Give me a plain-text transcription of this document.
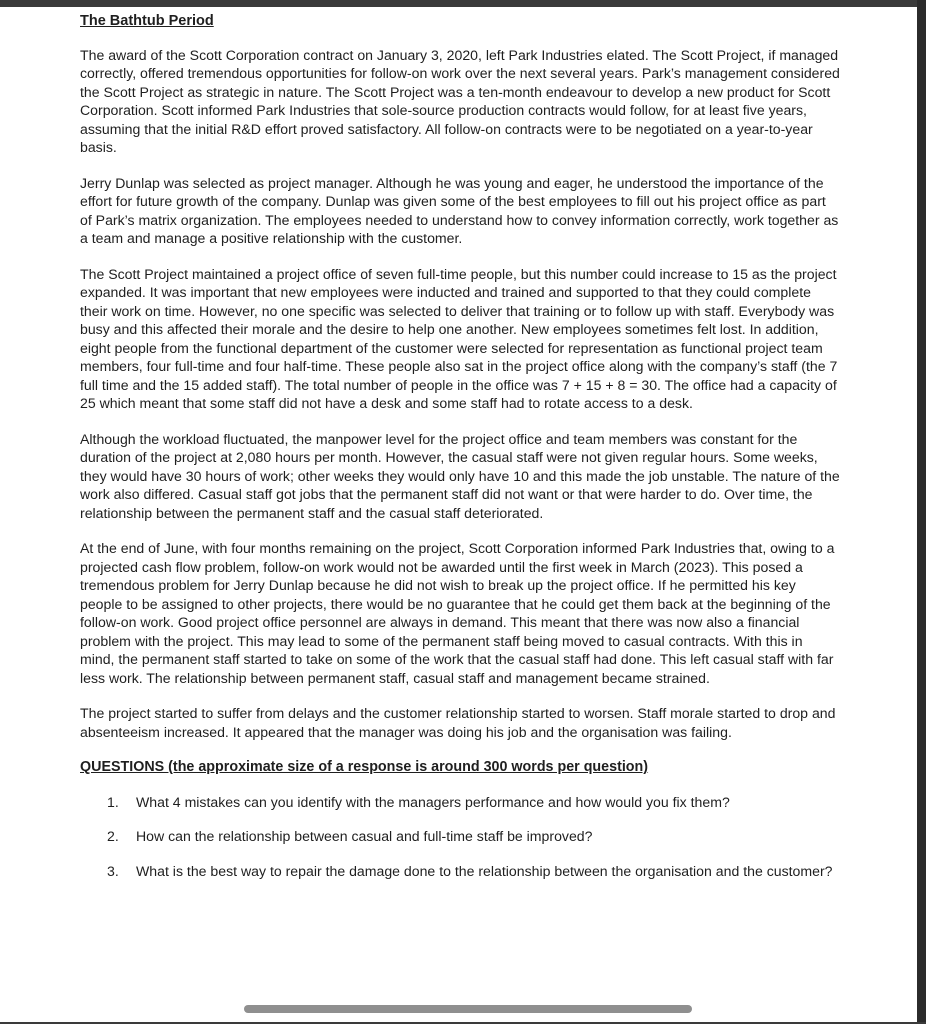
The Bathtub Period

The award of the Scott Corporation contract on January 3, 2020, left Park Industries elated. The Scott Project, if managed correctly, offered tremendous opportunities for follow-on work over the next several years. Park’s management considered the Scott Project as strategic in nature. The Scott Project was a ten-month endeavour to develop a new product for Scott Corporation. Scott informed Park Industries that sole-source production contracts would follow, for at least five years, assuming that the initial R&D effort proved satisfactory. All follow-on contracts were to be negotiated on a year-to-year basis.

Jerry Dunlap was selected as project manager. Although he was young and eager, he understood the importance of the effort for future growth of the company. Dunlap was given some of the best employees to fill out his project office as part of Park’s matrix organization. The employees needed to understand how to convey information correctly, work together as a team and manage a positive relationship with the customer.

The Scott Project maintained a project office of seven full-time people, but this number could increase to 15 as the project expanded. It was important that new employees were inducted and trained and supported to that they could complete their work on time. However, no one specific was selected to deliver that training or to follow up with staff. Everybody was busy and this affected their morale and the desire to help one another. New employees sometimes felt lost. In addition, eight people from the functional department of the customer were selected for representation as functional project team members, four full-time and four half-time. These people also sat in the project office along with the company’s staff (the 7 full time and the 15 added staff). The total number of people in the office was 7 + 15 + 8 = 30. The office had a capacity of 25 which meant that some staff did not have a desk and some staff had to rotate access to a desk.

Although the workload fluctuated, the manpower level for the project office and team members was constant for the duration of the project at 2,080 hours per month. However, the casual staff were not given regular hours. Some weeks, they would have 30 hours of work; other weeks they would only have 10 and this made the job unstable. The nature of the work also differed. Casual staff got jobs that the permanent staff did not want or that were harder to do. Over time, the relationship between the permanent staff and the casual staff deteriorated.

At the end of June, with four months remaining on the project, Scott Corporation informed Park Industries that, owing to a projected cash flow problem, follow-on work would not be awarded until the first week in March (2023). This posed a tremendous problem for Jerry Dunlap because he did not wish to break up the project office. If he permitted his key people to be assigned to other projects, there would be no guarantee that he could get them back at the beginning of the follow-on work. Good project office personnel are always in demand. This meant that there was now also a financial problem with the project. This may lead to some of the permanent staff being moved to casual contracts. With this in mind, the permanent staff started to take on some of the work that the casual staff had done. This left casual staff with far less work. The relationship between permanent staff, casual staff and management became strained.

The project started to suffer from delays and the customer relationship started to worsen. Staff morale started to drop and absenteeism increased. It appeared that the manager was doing his job and the organisation was failing.

QUESTIONS (the approximate size of a response is around 300 words per question)
1.	What 4 mistakes can you identify with the managers performance and how would you fix them?
2.	How can the relationship between casual and full-time staff be improved?
3.	What is the best way to repair the damage done to the relationship between the organisation and the customer?
